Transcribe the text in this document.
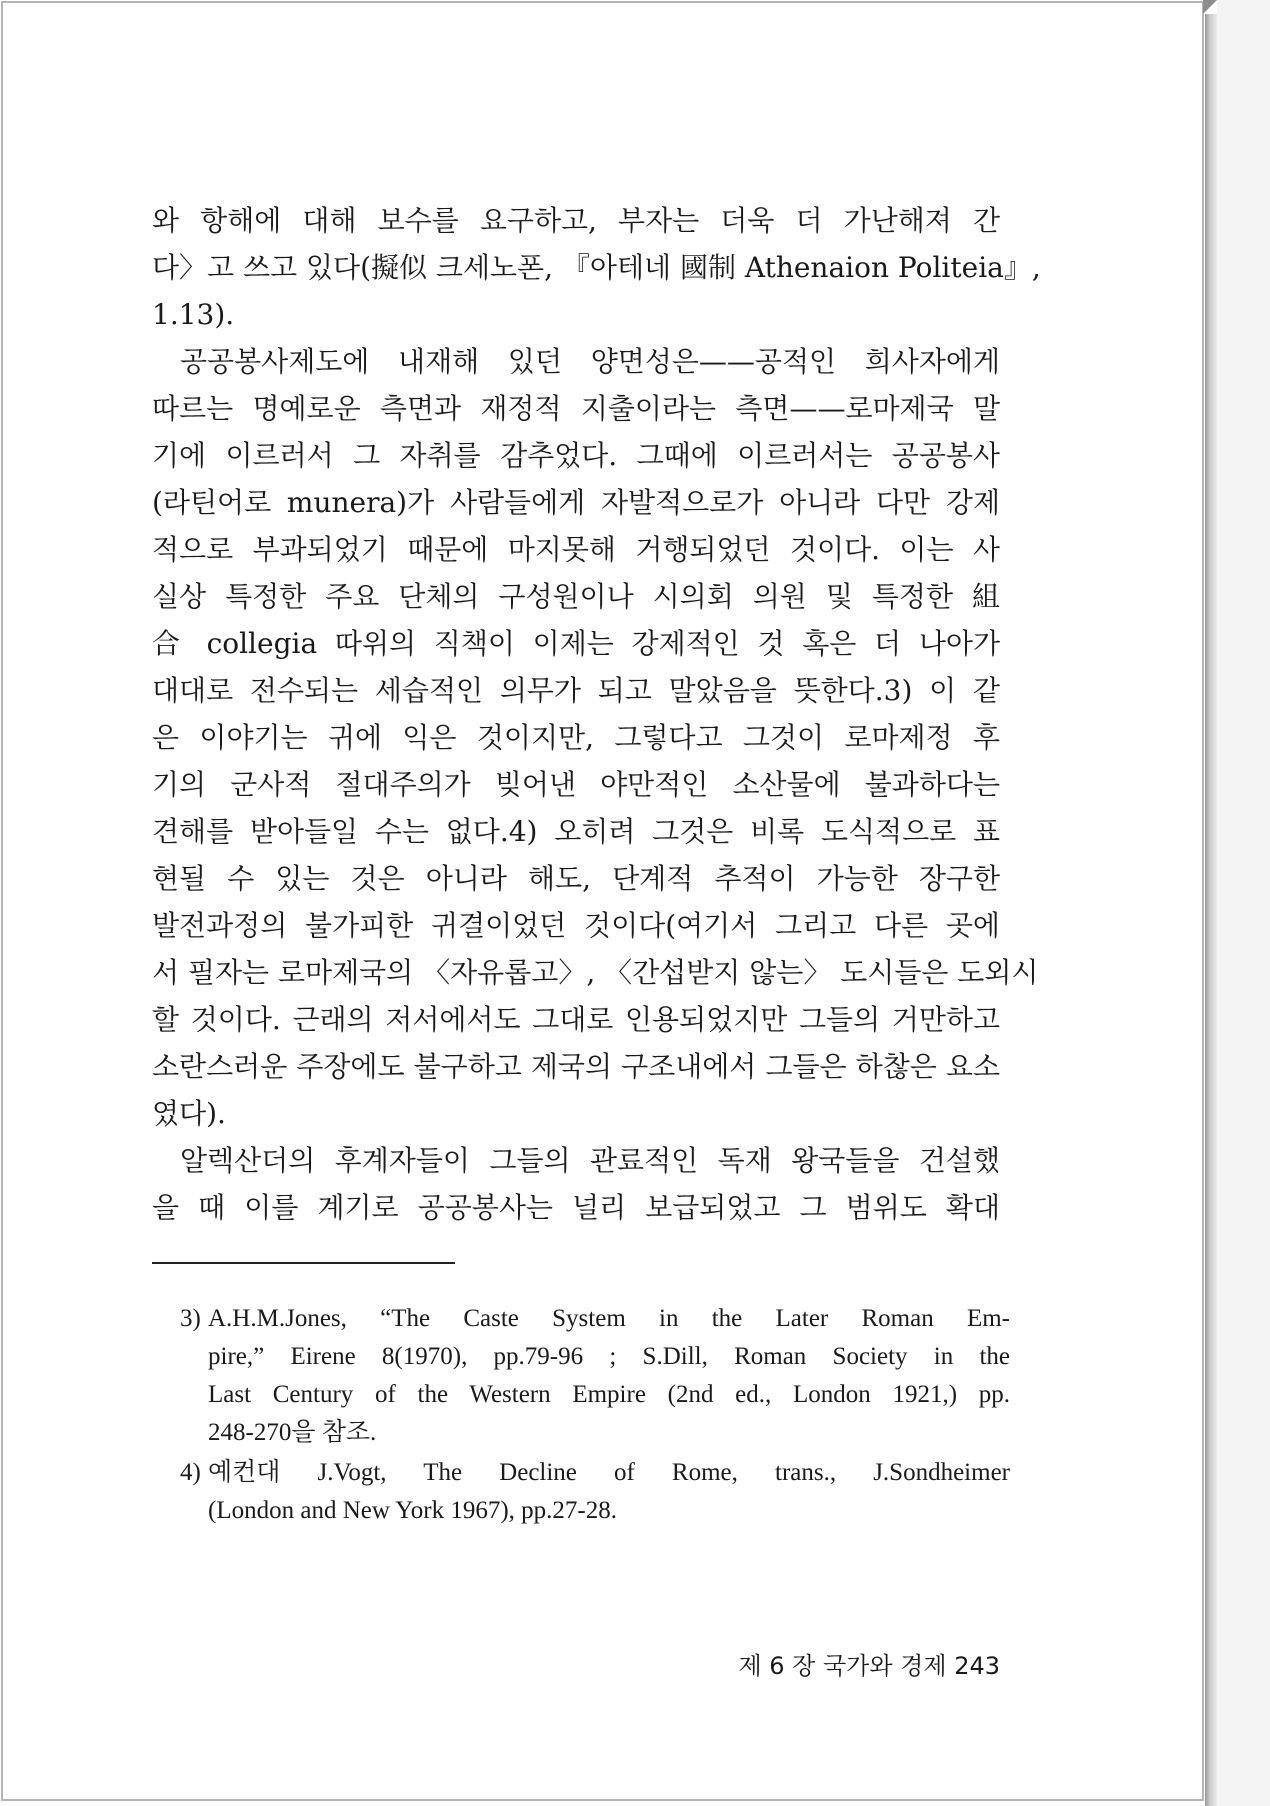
와 항해에 대해 보수를 요구하고, 부자는 더욱 더 가난해져 간
다〉고 쓰고 있다(擬似 크세노폰, 『아테네 國制 Athenaion Politeia』,
1.13).
공공봉사제도에 내재해 있던 양면성은——공적인 희사자에게
따르는 명예로운 측면과 재정적 지출이라는 측면——로마제국 말
기에 이르러서 그 자취를 감추었다. 그때에 이르러서는 공공봉사
(라틴어로 munera)가 사람들에게 자발적으로가 아니라 다만 강제
적으로 부과되었기 때문에 마지못해 거행되었던 것이다. 이는 사
실상 특정한 주요 단체의 구성원이나 시의회 의원 및 특정한 組
合 collegia 따위의 직책이 이제는 강제적인 것 혹은 더 나아가
대대로 전수되는 세습적인 의무가 되고 말았음을 뜻한다.3) 이 같
은 이야기는 귀에 익은 것이지만, 그렇다고 그것이 로마제정 후
기의 군사적 절대주의가 빚어낸 야만적인 소산물에 불과하다는
견해를 받아들일 수는 없다.4) 오히려 그것은 비록 도식적으로 표
현될 수 있는 것은 아니라 해도, 단계적 추적이 가능한 장구한
발전과정의 불가피한 귀결이었던 것이다(여기서 그리고 다른 곳에
서 필자는 로마제국의 〈자유롭고〉, 〈간섭받지 않는〉 도시들은 도외시
할 것이다. 근래의 저서에서도 그대로 인용되었지만 그들의 거만하고
소란스러운 주장에도 불구하고 제국의 구조내에서 그들은 하찮은 요소
였다).
알렉산더의 후계자들이 그들의 관료적인 독재 왕국들을 건설했
을 때 이를 계기로 공공봉사는 널리 보급되었고 그 범위도 확대
3) A.H.M.Jones, “The Caste System in the Later Roman Em-
pire,” Eirene 8(1970), pp.79-96 ; S.Dill, Roman Society in the
Last Century of the Western Empire (2nd ed., London 1921,) pp.
248-270을 참조.
4) 예컨대 J.Vogt, The Decline of Rome, trans., J.Sondheimer
(London and New York 1967), pp.27-28.
제 6 장 국가와 경제 243
